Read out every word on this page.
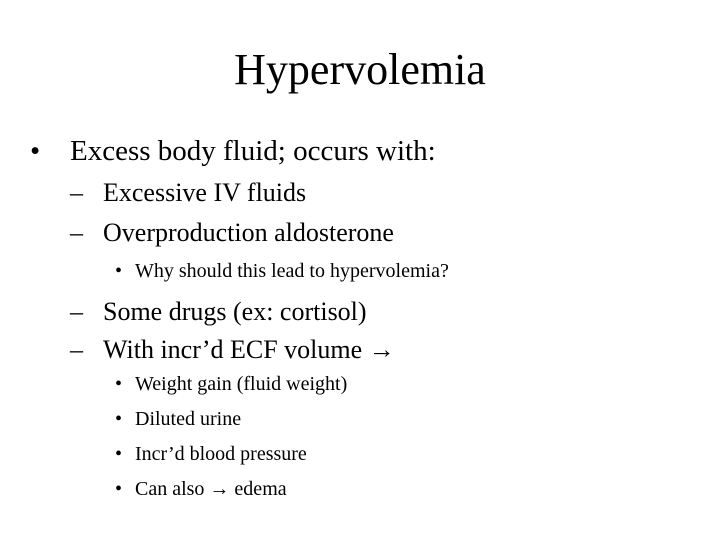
Hypervolemia
• Excess body fluid; occurs with:
– Excessive IV fluids
– Overproduction aldosterone
• Why should this lead to hypervolemia?
– Some drugs (ex: cortisol)
– With incr’d ECF volume →
• Weight gain (fluid weight)
• Diluted urine
• Incr’d blood pressure
• Can also → edema
